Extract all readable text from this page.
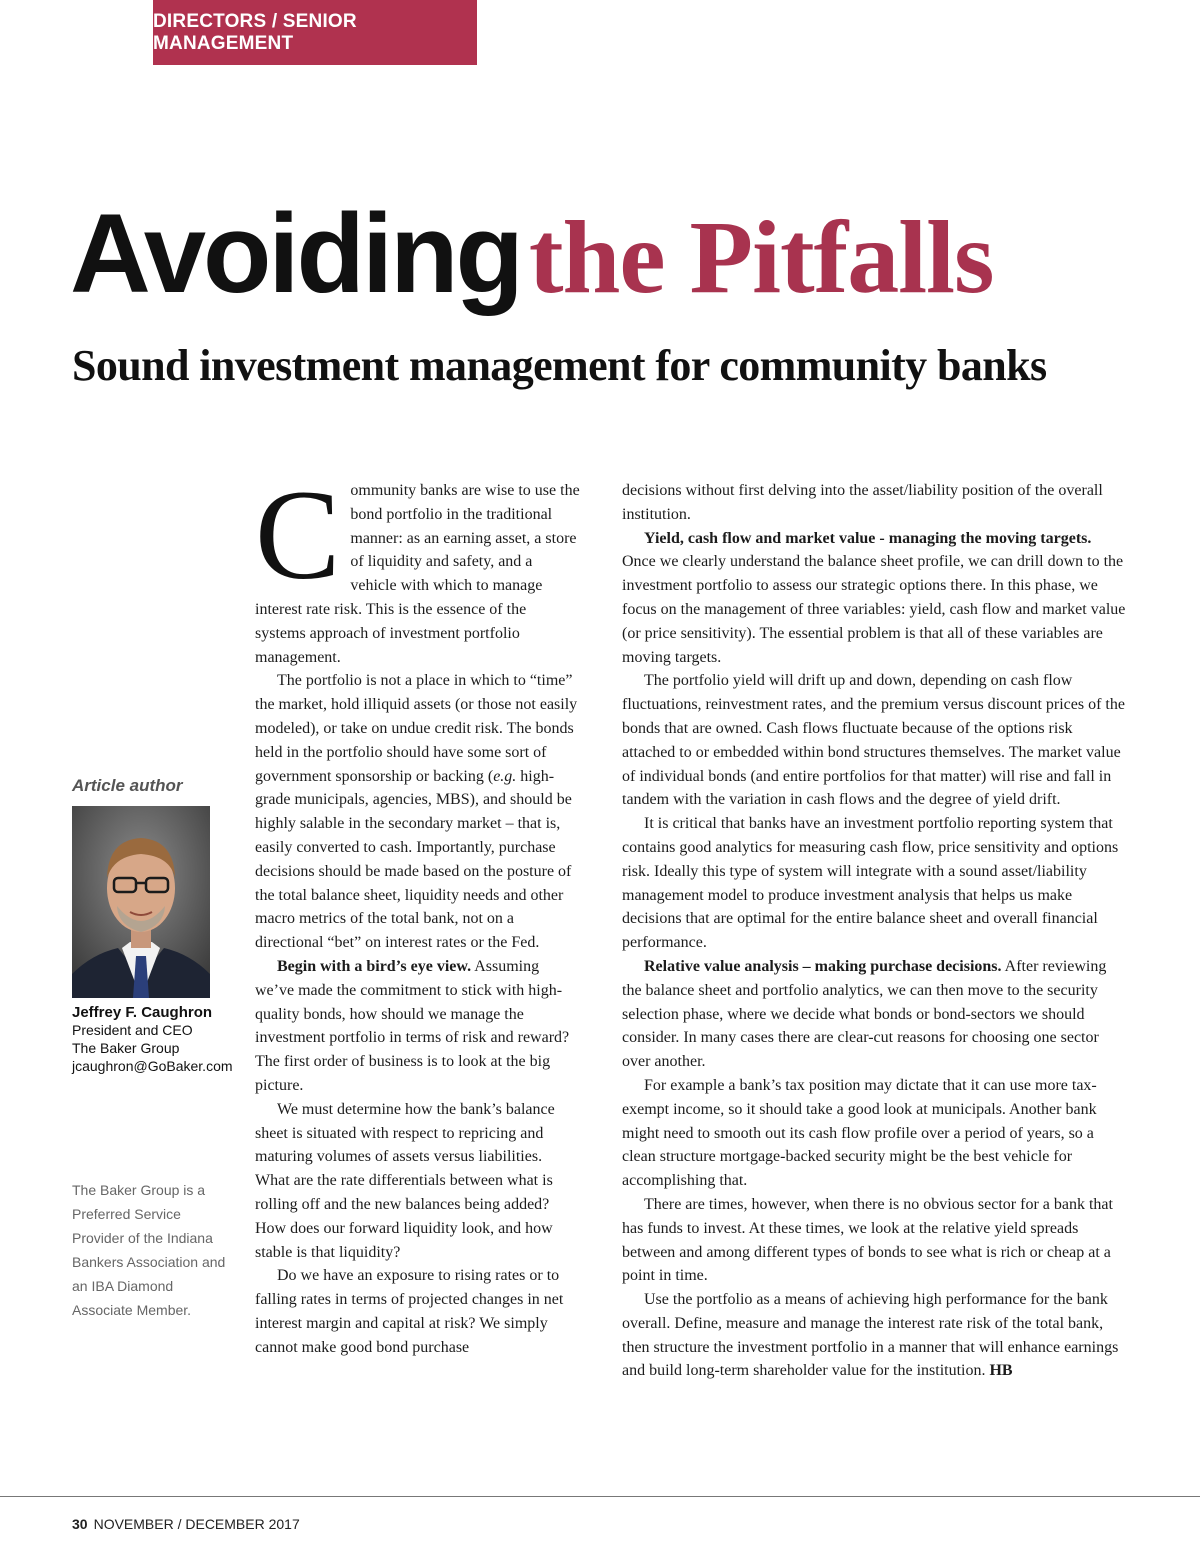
DIRECTORS / SENIOR MANAGEMENT
Avoiding the Pitfalls
Sound investment management for community banks
Article author
Jeffrey F. Caughron
President and CEO
The Baker Group
jcaughron@GoBaker.com
The Baker Group is a Preferred Service Provider of the Indiana Bankers Association and an IBA Diamond Associate Member.

Community banks are wise to use the bond portfolio in the traditional manner: as an earning asset, a store of liquidity and safety, and a vehicle with which to manage interest rate risk. This is the essence of the systems approach of investment portfolio management.

The portfolio is not a place in which to “time” the market, hold illiquid assets (or those not easily modeled), or take on undue credit risk. The bonds held in the portfolio should have some sort of government sponsorship or backing (e.g. high-grade municipals, agencies, MBS), and should be highly salable in the secondary market – that is, easily converted to cash. Importantly, purchase decisions should be made based on the posture of the total balance sheet, liquidity needs and other macro metrics of the total bank, not on a directional “bet” on interest rates or the Fed.

Begin with a bird’s eye view. Assuming we’ve made the commitment to stick with high-quality bonds, how should we manage the investment portfolio in terms of risk and reward? The first order of business is to look at the big picture.

We must determine how the bank’s balance sheet is situated with respect to repricing and maturing volumes of assets versus liabilities. What are the rate differentials between what is rolling off and the new balances being added? How does our forward liquidity look, and how stable is that liquidity?

Do we have an exposure to rising rates or to falling rates in terms of projected changes in net interest margin and capital at risk? We simply cannot make good bond purchase

decisions without first delving into the asset/liability position of the overall institution.

Yield, cash flow and market value - managing the moving targets. Once we clearly understand the balance sheet profile, we can drill down to the investment portfolio to assess our strategic options there. In this phase, we focus on the management of three variables: yield, cash flow and market value (or price sensitivity). The essential problem is that all of these variables are moving targets.

The portfolio yield will drift up and down, depending on cash flow fluctuations, reinvestment rates, and the premium versus discount prices of the bonds that are owned. Cash flows fluctuate because of the options risk attached to or embedded within bond structures themselves. The market value of individual bonds (and entire portfolios for that matter) will rise and fall in tandem with the variation in cash flows and the degree of yield drift.

It is critical that banks have an investment portfolio reporting system that contains good analytics for measuring cash flow, price sensitivity and options risk. Ideally this type of system will integrate with a sound asset/liability management model to produce investment analysis that helps us make decisions that are optimal for the entire balance sheet and overall financial performance.

Relative value analysis – making purchase decisions. After reviewing the balance sheet and portfolio analytics, we can then move to the security selection phase, where we decide what bonds or bond-sectors we should consider. In many cases there are clear-cut reasons for choosing one sector over another.

For example a bank’s tax position may dictate that it can use more tax-exempt income, so it should take a good look at municipals. Another bank might need to smooth out its cash flow profile over a period of years, so a clean structure mortgage-backed security might be the best vehicle for accomplishing that.

There are times, however, when there is no obvious sector for a bank that has funds to invest. At these times, we look at the relative yield spreads between and among different types of bonds to see what is rich or cheap at a point in time.

Use the portfolio as a means of achieving high performance for the bank overall. Define, measure and manage the interest rate risk of the total bank, then structure the investment portfolio in a manner that will enhance earnings and build long-term shareholder value for the institution. HB

30 NOVEMBER / DECEMBER 2017
